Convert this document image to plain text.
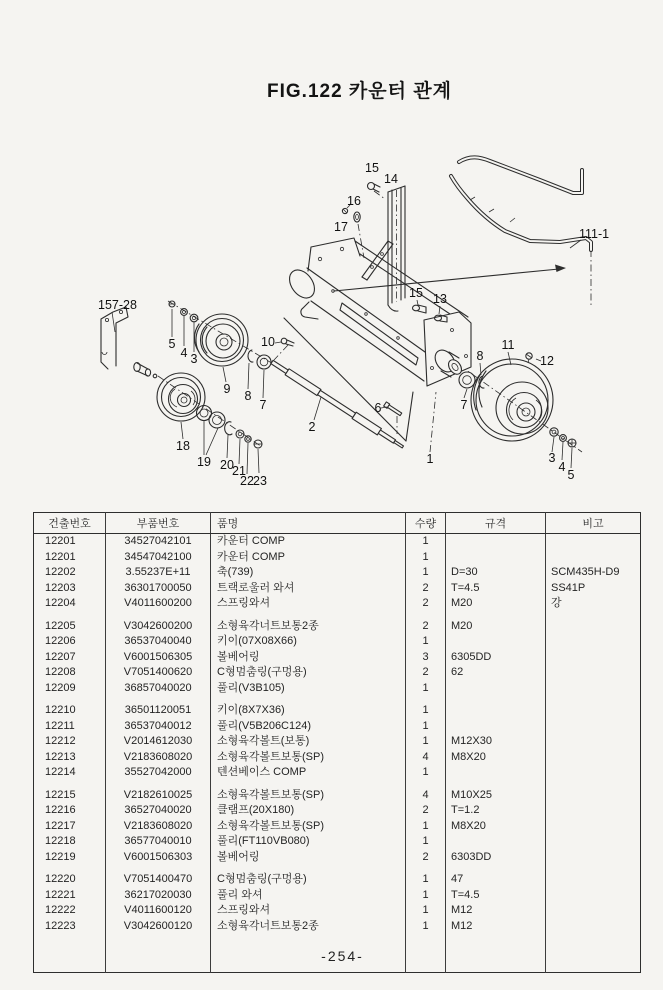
FIG.122 카운터 관계
157-28
15
14
16
17	111-1
15 13
5
4 3
10
9 8
7
18
19 20
21
22 23
2
6
1
7
8
11
12
3
4
5
건출번호	부품번호	품명	수량	규격	비고
12201	34527042101	카운터 COMP	1		
12201	34547042100	카운터 COMP	1		
12202	3.55237E+11	축(739)	1	D=30	SCM435H-D9
12203	36301700050	트랙로울러 와셔	2	T=4.5	SS41P
12204	V4011600200	스프링와셔	2	M20	강

12205	V3042600200	소형육각너트보통2종	2	M20	
12206	36537040040	키이(07X08X66)	1		
12207	V6001506305	볼베어링	3	6305DD	
12208	V7051400620	C형멈춤링(구멍용)	2	62	
12209	36857040020	풀리(V3B105)	1		

12210	36501120051	키이(8X7X36)	1		
12211	36537040012	풀리(V5B206C124)	1		
12212	V2014612030	소형육각볼트(보통)	1	M12X30	
12213	V2183608020	소형육각볼트보통(SP)	4	M8X20	
12214	35527042000	텐션베이스 COMP	1		

12215	V2182610025	소형육각볼트보통(SP)	4	M10X25	
12216	36527040020	클램프(20X180)	2	T=1.2	
12217	V2183608020	소형육각볼트보통(SP)	1	M8X20	
12218	36577040010	풀리(FT110VB080)	1		
12219	V6001506303	볼베어링	2	6303DD	

12220	V7051400470	C형멈춤링(구멍용)	1	47	
12221	36217020030	풀리 와셔	1	T=4.5	
12222	V4011600120	스프링와셔	1	M12	
12223	V3042600120	소형육각너트보통2종	1	M12	

-254-
